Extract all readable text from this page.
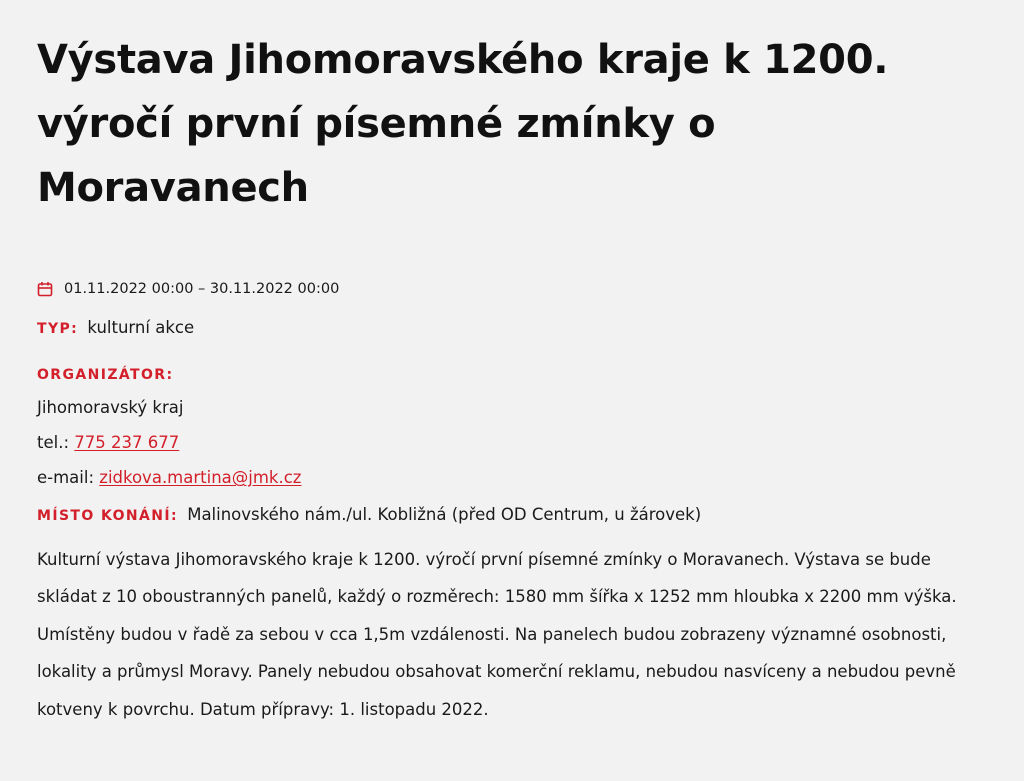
Výstava Jihomoravského kraje k 1200. výročí první písemné zmínky o Moravanech
01.11.2022 00:00 – 30.11.2022 00:00
TYP: kulturní akce
ORGANIZÁTOR:
Jihomoravský kraj
tel.: 775 237 677
e-mail: zidkova.martina@jmk.cz
MÍSTO KONÁNÍ: Malinovského nám./ul. Kobližná (před OD Centrum, u žárovek)

Kulturní výstava Jihomoravského kraje k 1200. výročí první písemné zmínky o Moravanech. Výstava se bude skládat z 10 oboustranných panelů, každý o rozměrech: 1580 mm šířka x 1252 mm hloubka x 2200 mm výška. Umístěny budou v řadě za sebou v cca 1,5m vzdálenosti. Na panelech budou zobrazeny významné osobnosti, lokality a průmysl Moravy. Panely nebudou obsahovat komerční reklamu, nebudou nasvíceny a nebudou pevně kotveny k povrchu. Datum přípravy: 1. listopadu 2022.
